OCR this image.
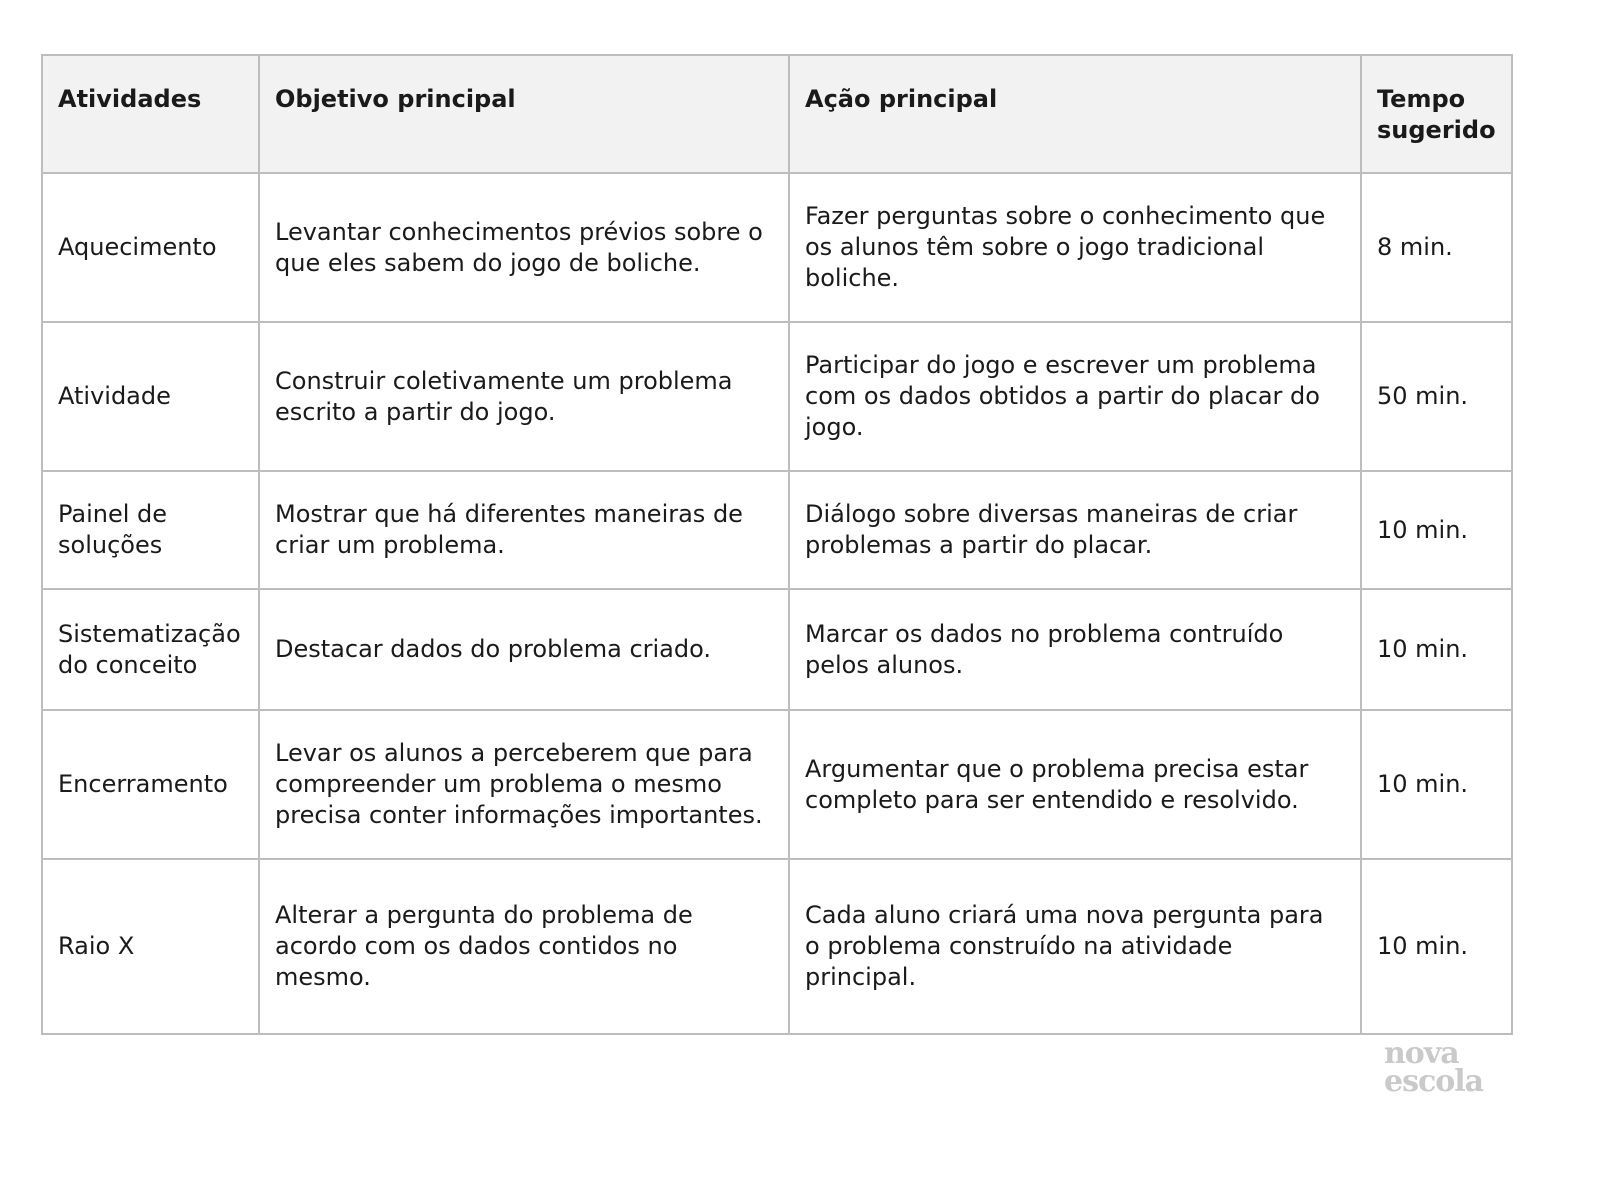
Atividades	Objetivo principal	Ação principal	Tempo sugerido
Aquecimento	Levantar conhecimentos prévios sobre o que eles sabem do jogo de boliche.	Fazer perguntas sobre o conhecimento que os alunos têm sobre o jogo tradicional boliche.	8 min.
Atividade	Construir coletivamente um problema escrito a partir do jogo.	Participar do jogo e escrever um problema com os dados obtidos a partir do placar do jogo.	50 min.
Painel de soluções	Mostrar que há diferentes maneiras de criar um problema.	Diálogo sobre diversas maneiras de criar problemas a partir do placar.	10 min.
Sistematização do conceito	Destacar dados do problema criado.	Marcar os dados no problema contruído pelos alunos.	10 min.
Encerramento	Levar os alunos a perceberem que para compreender um problema o mesmo precisa conter informações importantes.	Argumentar que o problema precisa estar completo para ser entendido e resolvido.	10 min.
Raio X	Alterar a pergunta do problema de acordo com os dados contidos no mesmo.	Cada aluno criará uma nova pergunta para o problema construído na atividade principal.	10 min.
nova
escola
